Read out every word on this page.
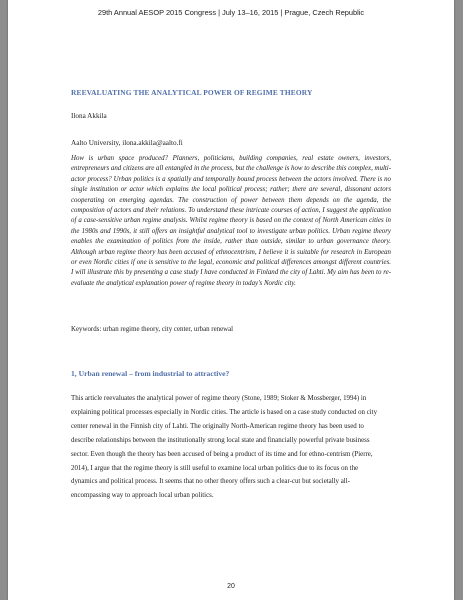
29th Annual AESOP 2015 Congress | July 13–16, 2015 | Prague, Czech Republic
REEVALUATING THE ANALYTICAL POWER OF REGIME THEORY
Ilona Akkila
Aalto University, ilona.akkila@aalto.fi
How is urban space produced? Planners, politicians, building companies, real estate owners, investors, entrepreneurs and citizens are all entangled in the process, but the challenge is how to describe this complex, multi-actor process? Urban politics is a spatially and temporally bound process between the actors involved. There is no single institution or actor which explains the local political process; rather; there are several, dissonant actors cooperating on emerging agendas. The construction of power between them depends on the agenda, the composition of actors and their relations. To understand these intricate courses of action, I suggest the application of a case-sensitive urban regime analysis. Whilst regime theory is based on the context of North American cities in the 1980s and 1990s, it still offers an insightful analytical tool to investigate urban politics. Urban regime theory enables the examination of politics from the inside, rather than outside, similar to urban governance theory. Although urban regime theory has been accused of ethnocentrism, I believe it is suitable for research in European or even Nordic cities if one is sensitive to the legal, economic and political differences amongst different countries. I will illustrate this by presenting a case study I have conducted in Finland the city of Lahti. My aim has been to re-evaluate the analytical explanation power of regime theory in today's Nordic city.
Keywords: urban regime theory, city center, urban renewal
1, Urban renewal – from industrial to attractive?
This article reevaluates the analytical power of regime theory (Stone, 1989; Stoker & Mossberger, 1994) in explaining political processes especially in Nordic cities. The article is based on a case study conducted on city center renewal in the Finnish city of Lahti. The originally North-American regime theory has been used to describe relationships between the institutionally strong local state and financially powerful private business sector. Even though the theory has been accused of being a product of its time and for ethno-centrism (Pierre, 2014), I argue that the regime theory is still useful to examine local urban politics due to its focus on the dynamics and political process. It seems that no other theory offers such a clear-cut but societally all-encompassing way to approach local urban politics.
20
